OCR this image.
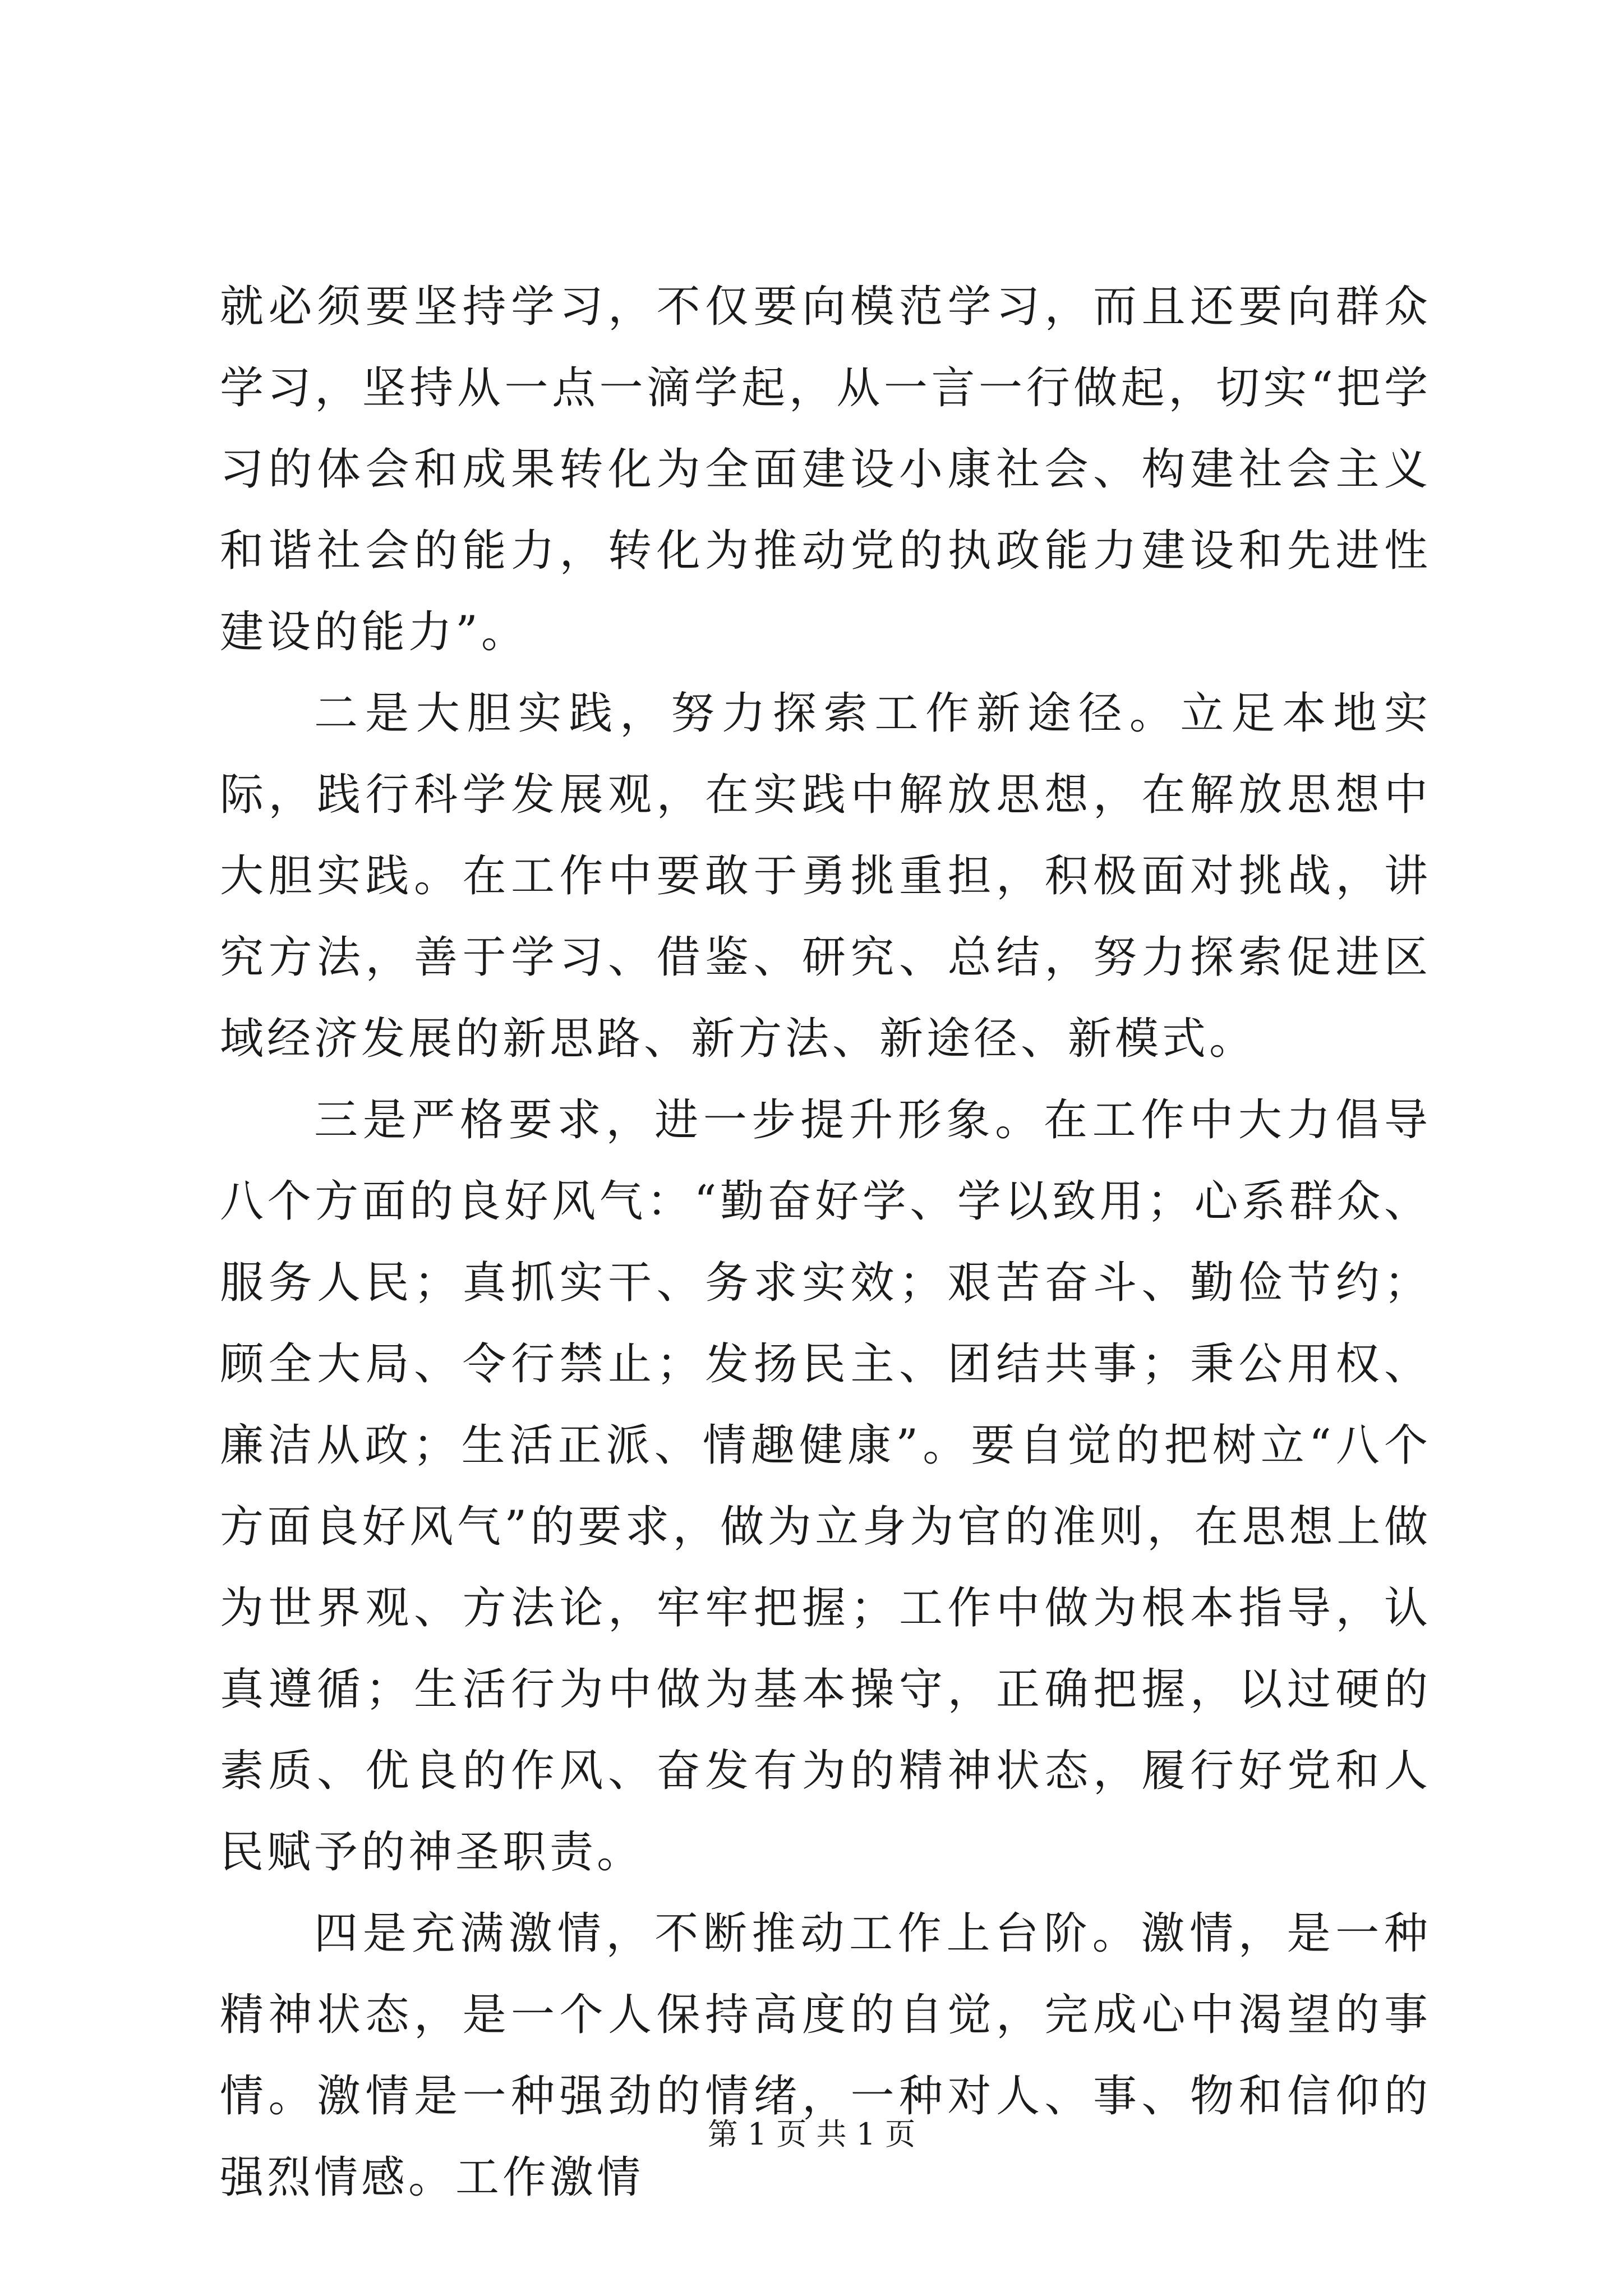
就必须要坚持学习，不仅要向模范学习，而且还要向群众学习，坚持从一点一滴学起，从一言一行做起，切实“把学习的体会和成果转化为全面建设小康社会、构建社会主义和谐社会的能力，转化为推动党的执政能力建设和先进性建设的能力”。

二是大胆实践，努力探索工作新途径。立足本地实际，践行科学发展观，在实践中解放思想，在解放思想中大胆实践。在工作中要敢于勇挑重担，积极面对挑战，讲究方法，善于学习、借鉴、研究、总结，努力探索促进区域经济发展的新思路、新方法、新途径、新模式。

三是严格要求，进一步提升形象。在工作中大力倡导八个方面的良好风气：“勤奋好学、学以致用；心系群众、服务人民；真抓实干、务求实效；艰苦奋斗、勤俭节约；顾全大局、令行禁止；发扬民主、团结共事；秉公用权、廉洁从政；生活正派、情趣健康”。要自觉的把树立“八个方面良好风气”的要求，做为立身为官的准则，在思想上做为世界观、方法论，牢牢把握；工作中做为根本指导，认真遵循；生活行为中做为基本操守，正确把握，以过硬的素质、优良的作风、奋发有为的精神状态，履行好党和人民赋予的神圣职责。

四是充满激情，不断推动工作上台阶。激情，是一种精神状态，是一个人保持高度的自觉，完成心中渴望的事情。激情是一种强劲的情绪，一种对人、事、物和信仰的强烈情感。工作激情

第 1 页 共 1 页
